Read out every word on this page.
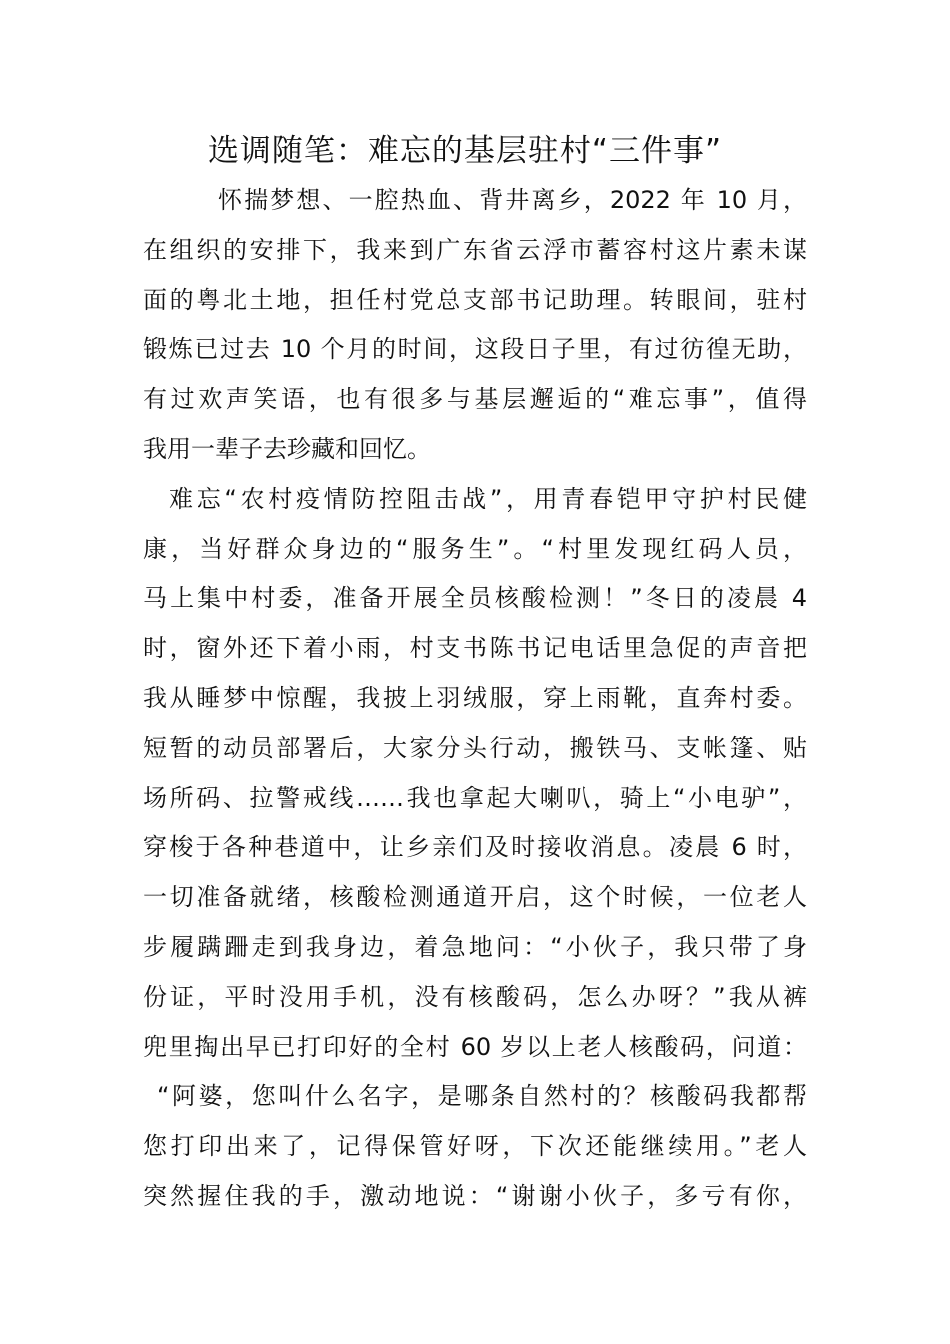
选调随笔：难忘的基层驻村“三件事”
怀揣梦想、一腔热血、背井离乡，2022 年 10 月，
在组织的安排下，我来到广东省云浮市蓄容村这片素未谋
面的粤北土地，担任村党总支部书记助理。转眼间，驻村
锻炼已过去 10 个月的时间，这段日子里，有过彷徨无助，
有过欢声笑语，也有很多与基层邂逅的“难忘事”，值得
我用一辈子去珍藏和回忆。
难忘“农村疫情防控阻击战”，用青春铠甲守护村民健
康，当好群众身边的“服务生”。“村里发现红码人员，
马上集中村委，准备开展全员核酸检测！”冬日的凌晨 4
时，窗外还下着小雨，村支书陈书记电话里急促的声音把
我从睡梦中惊醒，我披上羽绒服，穿上雨靴，直奔村委。
短暂的动员部署后，大家分头行动，搬铁马、支帐篷、贴
场所码、拉警戒线……我也拿起大喇叭，骑上“小电驴”，
穿梭于各种巷道中，让乡亲们及时接收消息。凌晨 6 时，
一切准备就绪，核酸检测通道开启，这个时候，一位老人
步履蹒跚走到我身边，着急地问：“小伙子，我只带了身
份证，平时没用手机，没有核酸码，怎么办呀？”我从裤
兜里掏出早已打印好的全村 60 岁以上老人核酸码，问道：
“阿婆，您叫什么名字，是哪条自然村的？核酸码我都帮
您打印出来了，记得保管好呀，下次还能继续用。”老人
突然握住我的手，激动地说：“谢谢小伙子，多亏有你，
